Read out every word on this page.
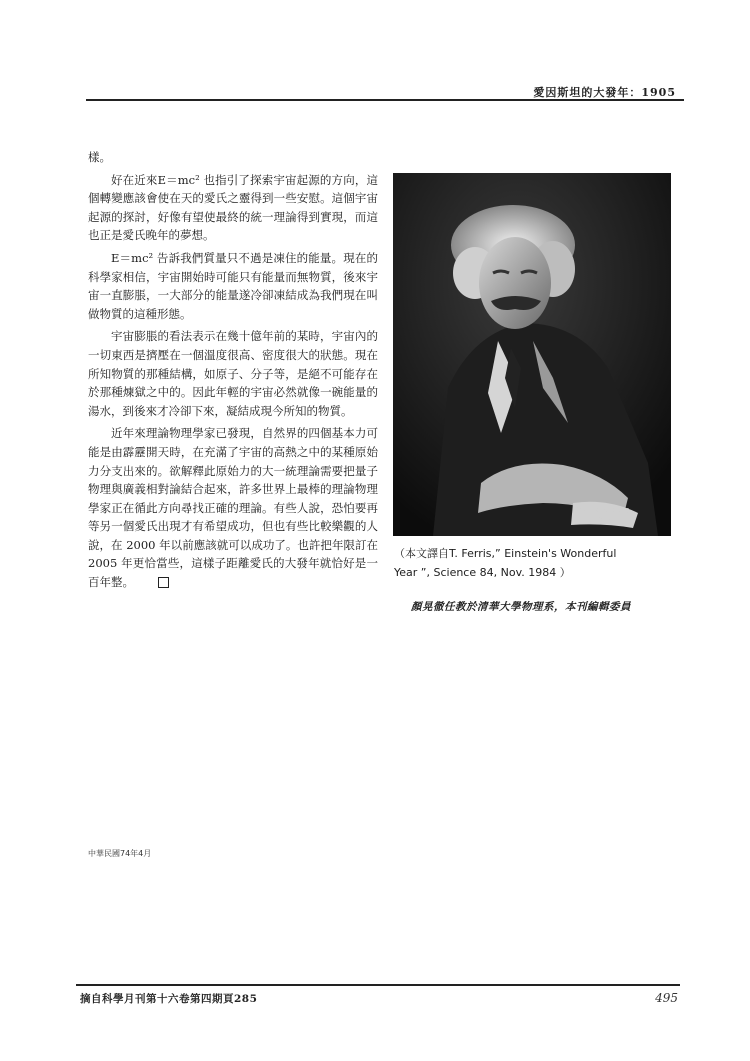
愛因斯坦的大發年：1905

樣。

好在近來E＝mc² 也指引了探索宇宙起源的方向，這個轉變應該會使在天的愛氏之靈得到一些安慰。這個宇宙起源的探討，好像有望使最終的統一理論得到實現，而這也正是愛氏晚年的夢想。

E＝mc² 告訴我們質量只不過是凍住的能量。現在的科學家相信，宇宙開始時可能只有能量而無物質，後來宇宙一直膨脹，一大部分的能量遂冷卻凍結成為我們現在叫做物質的這種形態。

宇宙膨脹的看法表示在幾十億年前的某時，宇宙內的一切東西是擠壓在一個溫度很高、密度很大的狀態。現在所知物質的那種結構，如原子、分子等，是絕不可能存在於那種煉獄之中的。因此年輕的宇宙必然就像一碗能量的湯水，到後來才冷卻下來，凝結成現今所知的物質。

近年來理論物理學家已發現，自然界的四個基本力可能是由霹靂開天時，在充滿了宇宙的高熱之中的某種原始力分支出來的。欲解釋此原始力的大一統理論需要把量子物理與廣義相對論結合起來，許多世界上最棒的理論物理學家正在循此方向尋找正確的理論。有些人說，恐怕要再等另一個愛氏出現才有希望成功，但也有些比較樂觀的人說，在 2000 年以前應該就可以成功了。也許把年限訂在 2005 年更恰當些，這樣子距離愛氏的大發年就恰好是一百年整。

Ginsu Reinburg
Paris
（本文譯自T. Ferris,” Einstein's Wonderful
Year ”, Science 84, Nov. 1984 ）
顏晃徹任教於清華大學物理系，本刊編輯委員
中華民國74年4月
摘自科學月刊第十六卷第四期頁285	495
